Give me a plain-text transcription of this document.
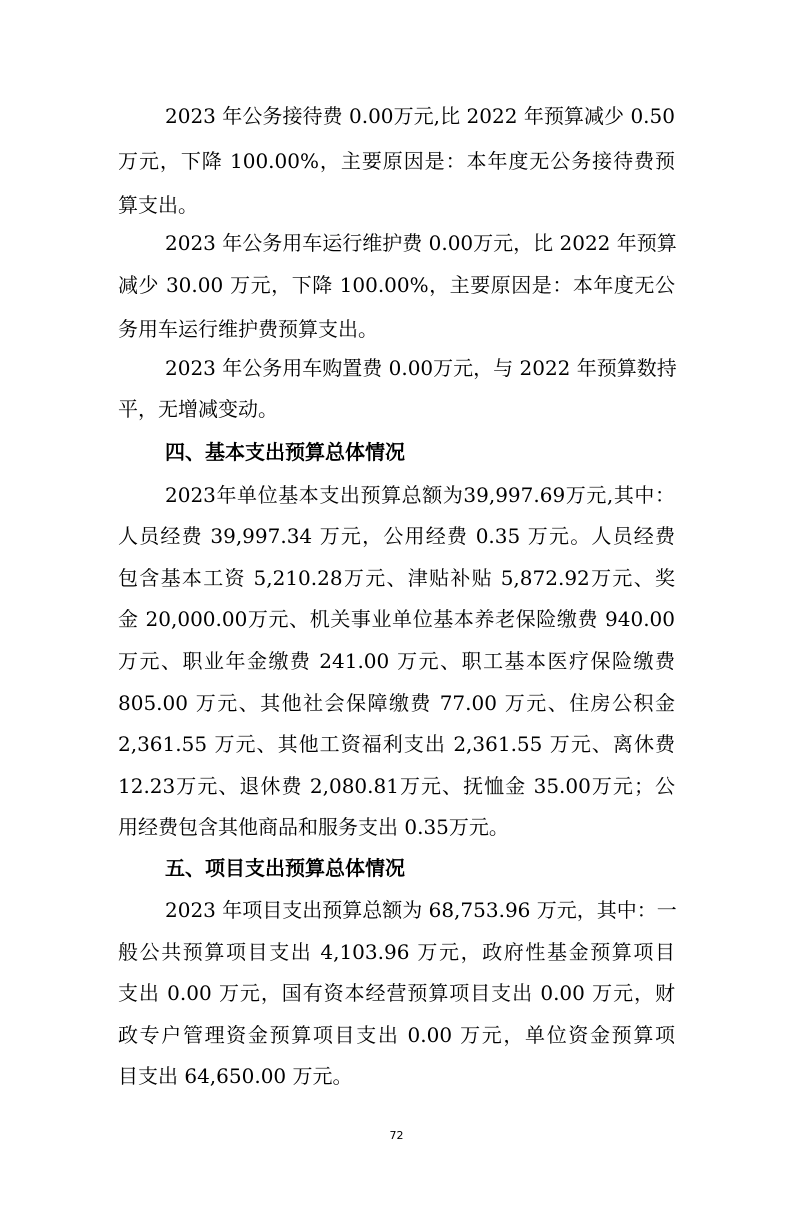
2023 年公务接待费 0.00万元,比 2022 年预算减少 0.50
万元，下降 100.00%，主要原因是：本年度无公务接待费预
算支出。
2023 年公务用车运行维护费 0.00万元，比 2022 年预算
减少 30.00 万元，下降 100.00%，主要原因是：本年度无公
务用车运行维护费预算支出。
2023 年公务用车购置费 0.00万元，与 2022 年预算数持
平，无增减变动。
四、基本支出预算总体情况
2023年单位基本支出预算总额为39,997.69万元,其中：
人员经费 39,997.34 万元，公用经费 0.35 万元。人员经费
包含基本工资 5,210.28万元、津贴补贴 5,872.92万元、奖
金 20,000.00万元、机关事业单位基本养老保险缴费 940.00
万元、职业年金缴费 241.00 万元、职工基本医疗保险缴费
805.00 万元、其他社会保障缴费 77.00 万元、住房公积金
2,361.55 万元、其他工资福利支出 2,361.55 万元、离休费
12.23万元、退休费 2,080.81万元、抚恤金 35.00万元；公
用经费包含其他商品和服务支出 0.35万元。
五、项目支出预算总体情况
2023 年项目支出预算总额为 68,753.96 万元，其中：一
般公共预算项目支出 4,103.96 万元，政府性基金预算项目
支出 0.00 万元，国有资本经营预算项目支出 0.00 万元，财
政专户管理资金预算项目支出 0.00 万元，单位资金预算项
目支出 64,650.00 万元。
72
